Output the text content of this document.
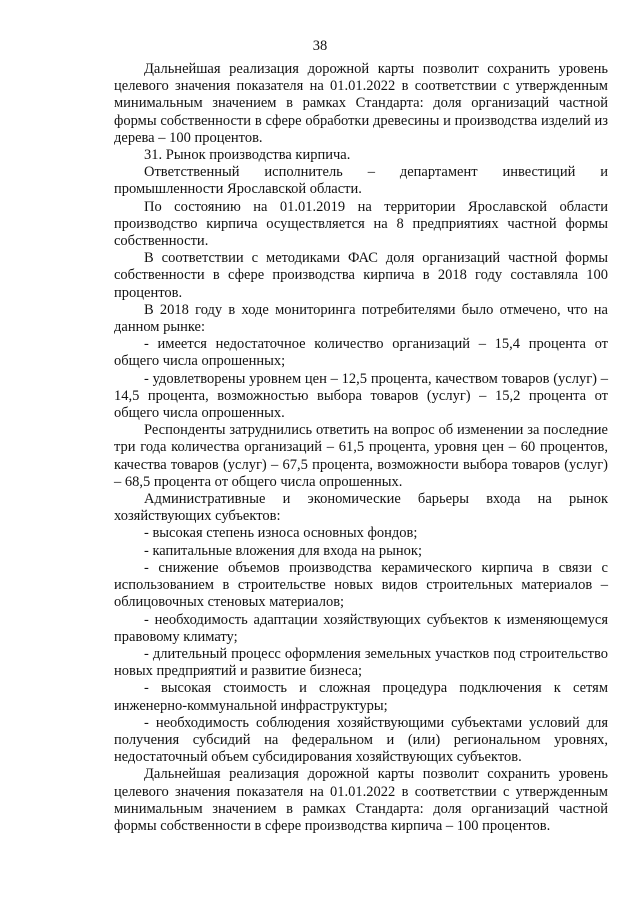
38

Дальнейшая реализация дорожной карты позволит сохранить уровень целевого значения показателя на 01.01.2022 в соответствии с утвержденным минимальным значением в рамках Стандарта: доля организаций частной формы собственности в сфере обработки древесины и производства изделий из дерева – 100 процентов.

31. Рынок производства кирпича.

Ответственный исполнитель – департамент инвестиций и промышленности Ярославской области.

По состоянию на 01.01.2019 на территории Ярославской области производство кирпича осуществляется на 8 предприятиях частной формы собственности.

В соответствии с методиками ФАС доля организаций частной формы собственности в сфере производства кирпича в 2018 году составляла 100 процентов.

В 2018 году в ходе мониторинга потребителями было отмечено, что на данном рынке:

- имеется недостаточное количество организаций – 15,4 процента от общего числа опрошенных;

- удовлетворены уровнем цен – 12,5 процента, качеством товаров (услуг) – 14,5 процента, возможностью выбора товаров (услуг) – 15,2 процента от общего числа опрошенных.

Респонденты затруднились ответить на вопрос об изменении за последние три года количества организаций – 61,5 процента, уровня цен – 60 процентов, качества товаров (услуг) – 67,5 процента, возможности выбора товаров (услуг) – 68,5 процента от общего числа опрошенных.

Административные и экономические барьеры входа на рынок хозяйствующих субъектов:

- высокая степень износа основных фондов;

- капитальные вложения для входа на рынок;

- снижение объемов производства керамического кирпича в связи с использованием в строительстве новых видов строительных материалов – облицовочных стеновых материалов;

- необходимость адаптации хозяйствующих субъектов к изменяющемуся правовому климату;

- длительный процесс оформления земельных участков под строительство новых предприятий и развитие бизнеса;

- высокая стоимость и сложная процедура подключения к сетям инженерно-коммунальной инфраструктуры;

- необходимость соблюдения хозяйствующими субъектами условий для получения субсидий на федеральном и (или) региональном уровнях, недостаточный объем субсидирования хозяйствующих субъектов.

Дальнейшая реализация дорожной карты позволит сохранить уровень целевого значения показателя на 01.01.2022 в соответствии с утвержденным минимальным значением в рамках Стандарта: доля организаций частной формы собственности в сфере производства кирпича – 100 процентов.
